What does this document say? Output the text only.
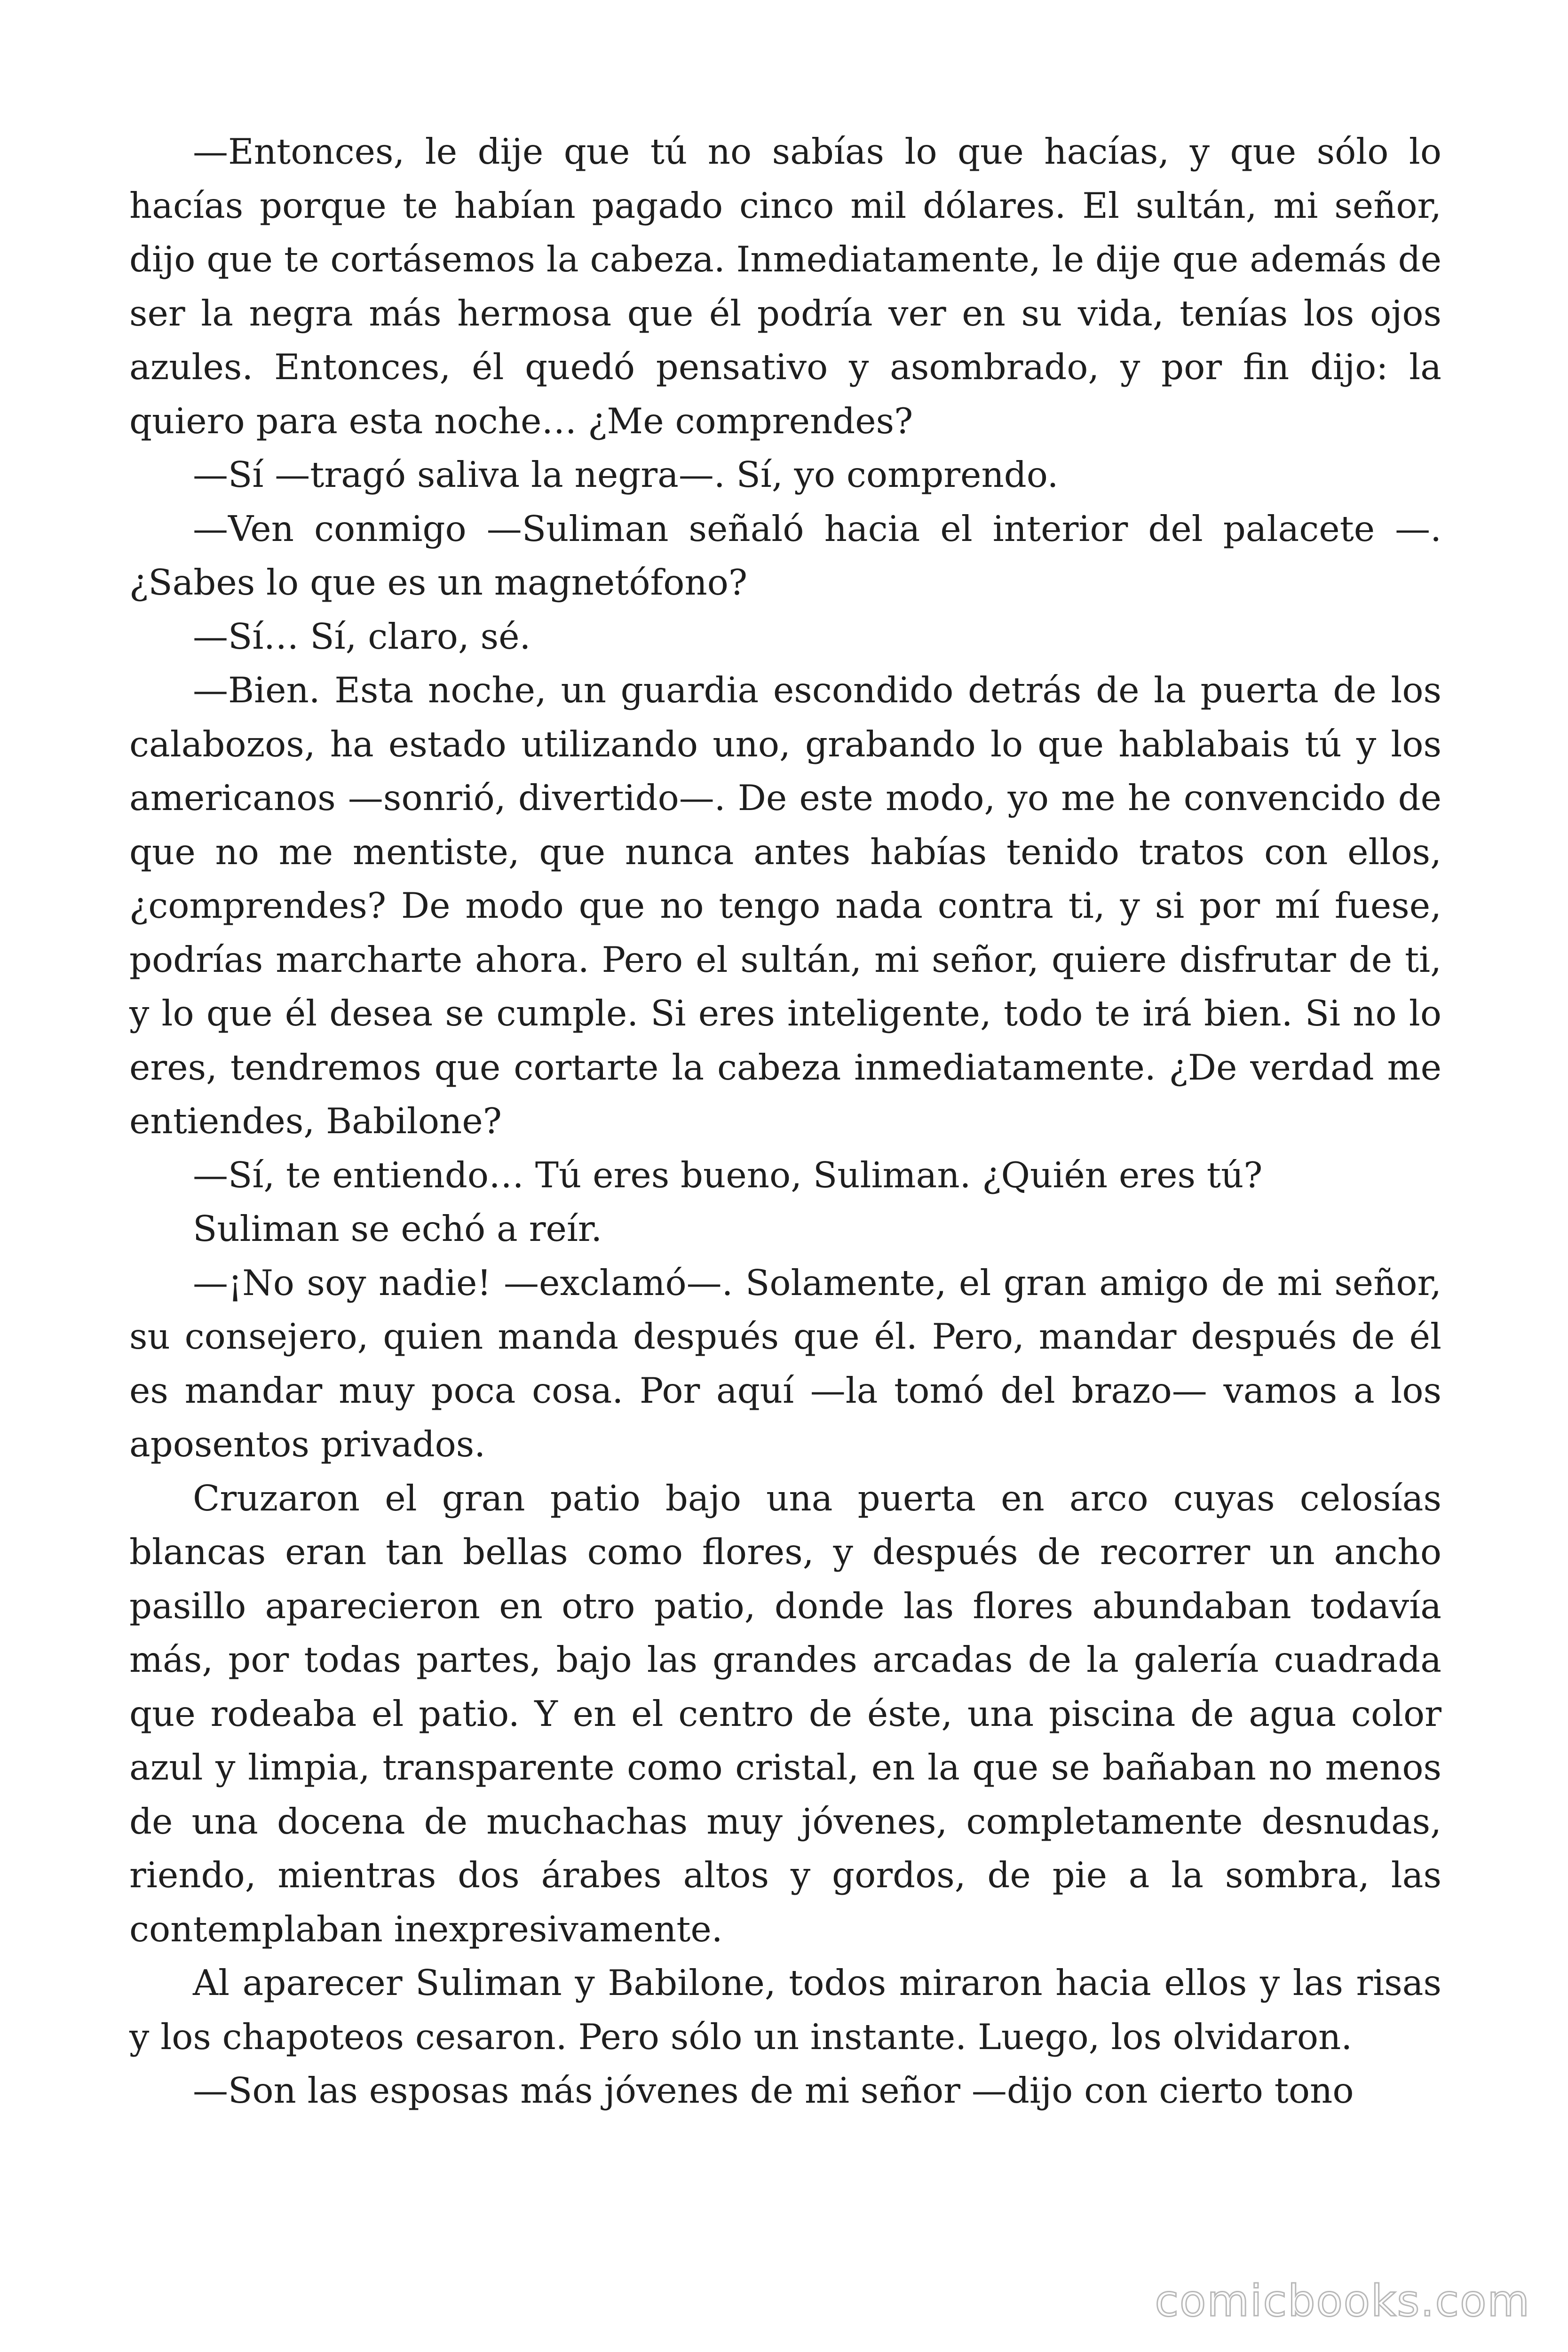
—Entonces, le dije que tú no sabías lo que hacías, y que sólo lo hacías porque te habían pagado cinco mil dólares. El sultán, mi señor, dijo que te cortásemos la cabeza. Inmediatamente, le dije que además de ser la negra más hermosa que él podría ver en su vida, tenías los ojos azules. Entonces, él quedó pensativo y asombrado, y por fin dijo: la quiero para esta noche… ¿Me comprendes?

—Sí —tragó saliva la negra—. Sí, yo comprendo.

—Ven conmigo —Suliman señaló hacia el interior del palacete —. ¿Sabes lo que es un magnetófono?

—Sí… Sí, claro, sé.

—Bien. Esta noche, un guardia escondido detrás de la puerta de los calabozos, ha estado utilizando uno, grabando lo que hablabais tú y los americanos —sonrió, divertido—. De este modo, yo me he convencido de que no me mentiste, que nunca antes habías tenido tratos con ellos, ¿comprendes? De modo que no tengo nada contra ti, y si por mí fuese, podrías marcharte ahora. Pero el sultán, mi señor, quiere disfrutar de ti, y lo que él desea se cumple. Si eres inteligente, todo te irá bien. Si no lo eres, tendremos que cortarte la cabeza inmediatamente. ¿De verdad me entiendes, Babilone?

—Sí, te entiendo… Tú eres bueno, Suliman. ¿Quién eres tú?

Suliman se echó a reír.

—¡No soy nadie! —exclamó—. Solamente, el gran amigo de mi señor, su consejero, quien manda después que él. Pero, mandar después de él es mandar muy poca cosa. Por aquí —la tomó del brazo— vamos a los aposentos privados.

Cruzaron el gran patio bajo una puerta en arco cuyas celosías blancas eran tan bellas como flores, y después de recorrer un ancho pasillo aparecieron en otro patio, donde las flores abundaban todavía más, por todas partes, bajo las grandes arcadas de la galería cuadrada que rodeaba el patio. Y en el centro de éste, una piscina de agua color azul y limpia, transparente como cristal, en la que se bañaban no menos de una docena de muchachas muy jóvenes, completamente desnudas, riendo, mientras dos árabes altos y gordos, de pie a la sombra, las contemplaban inexpresivamente.

Al aparecer Suliman y Babilone, todos miraron hacia ellos y las risas y los chapoteos cesaron. Pero sólo un instante. Luego, los olvidaron.

—Son las esposas más jóvenes de mi señor —dijo con cierto tono

comicbooks.com
